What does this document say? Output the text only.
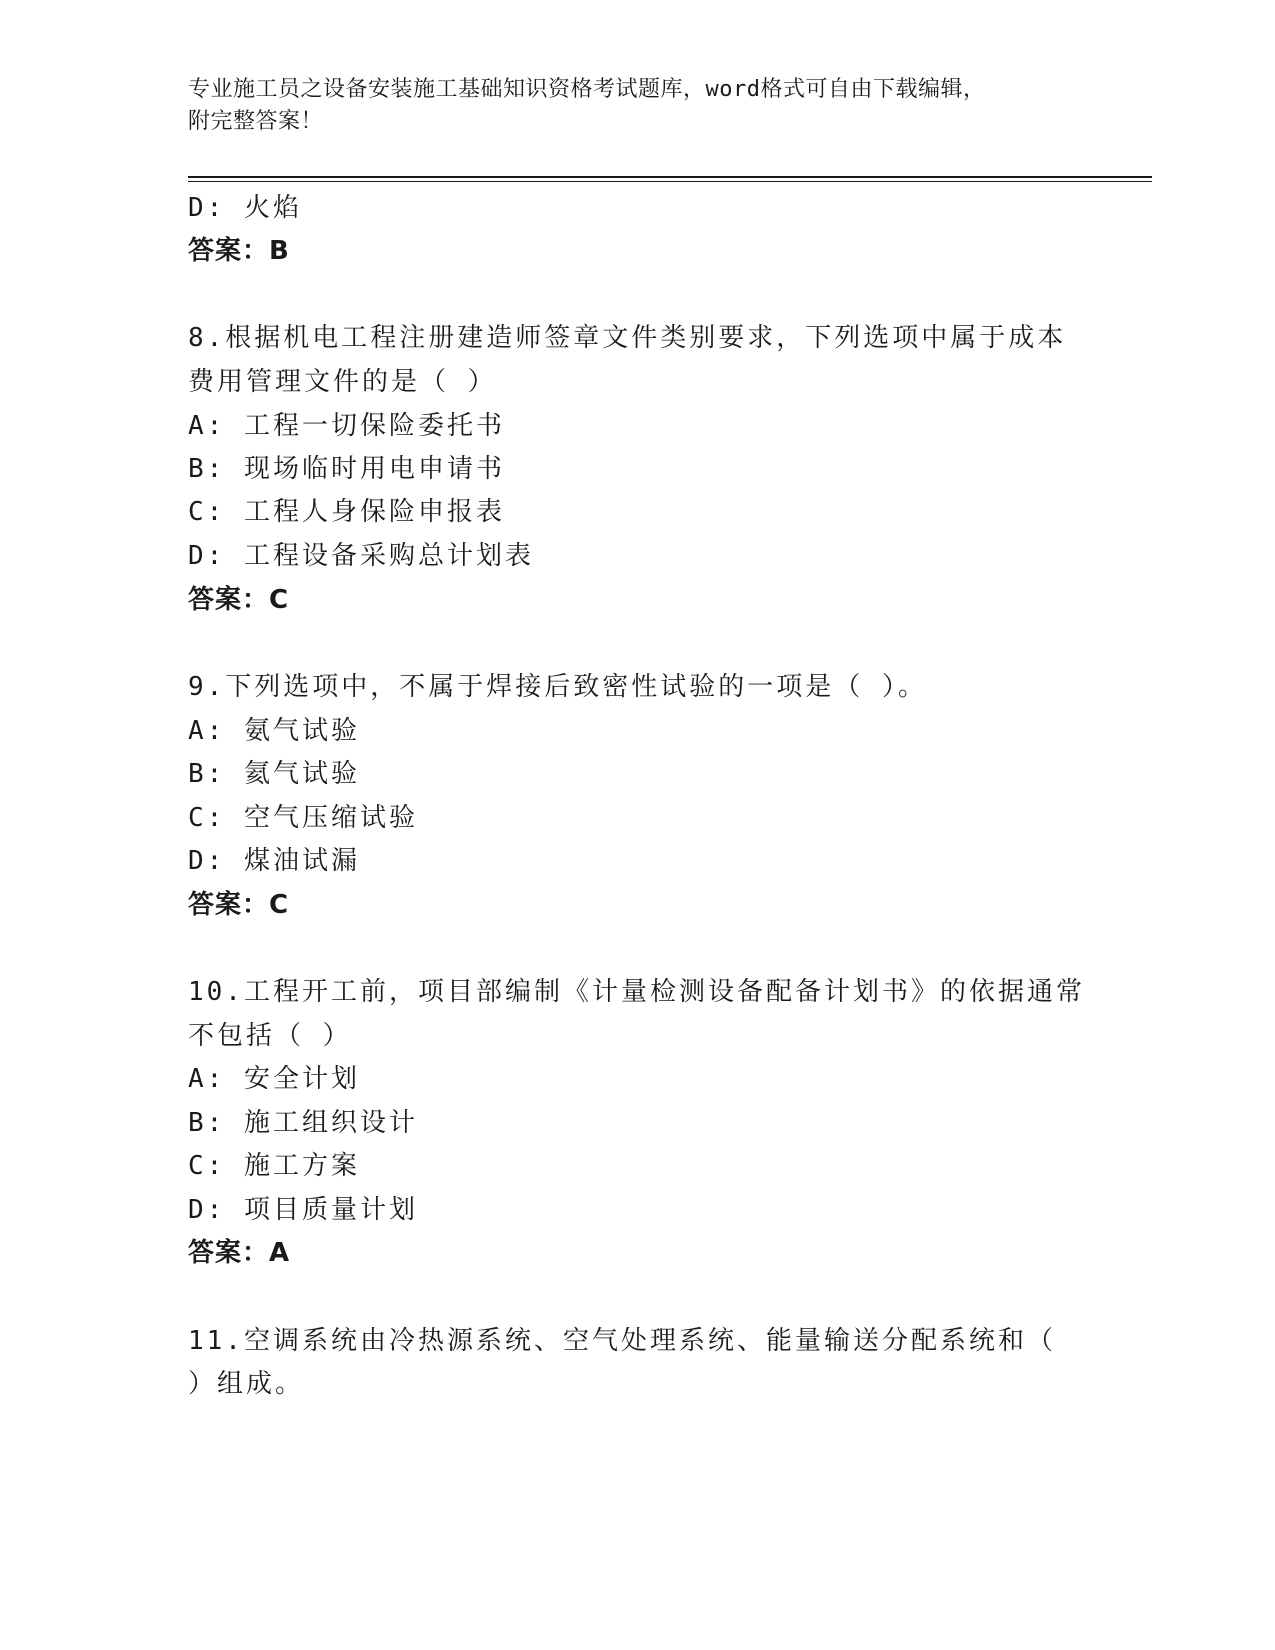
专业施工员之设备安装施工基础知识资格考试题库，word格式可自由下载编辑，
附完整答案！
D: 火焰
答案：B
8.根据机电工程注册建造师签章文件类别要求，下列选项中属于成本
费用管理文件的是（ ）
A: 工程一切保险委托书
B: 现场临时用电申请书
C: 工程人身保险申报表
D: 工程设备采购总计划表
答案：C
9.下列选项中，不属于焊接后致密性试验的一项是（ ）。
A: 氨气试验
B: 氦气试验
C: 空气压缩试验
D: 煤油试漏
答案：C
10.工程开工前，项目部编制《计量检测设备配备计划书》的依据通常
不包括（ ）
A: 安全计划
B: 施工组织设计
C: 施工方案
D: 项目质量计划
答案：A
11.空调系统由冷热源系统、空气处理系统、能量输送分配系统和（
）组成。
